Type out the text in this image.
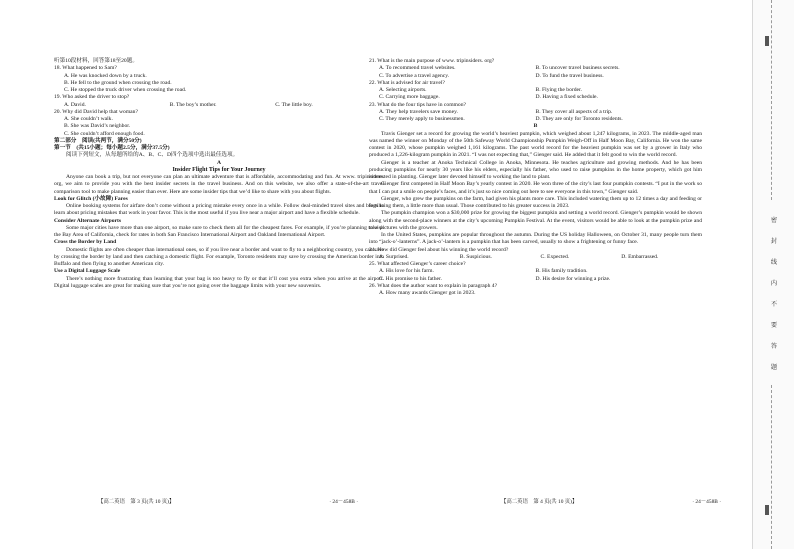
听第10段材料，回答第18至20题。

18. What happened to Sam?

A. He was knocked down by a truck.

B. He fell to the ground when crossing the road.

C. He stopped the truck driver when crossing the road.

19. Who asked the driver to stop?

A. David.	B. The boy’s mother.	C. The little boy.

20. Why did David help that woman?

A. She couldn’t walk.

B. She was David’s neighbor.

C. She couldn’t afford enough food.

第二部分　阅读(共两节，满分50分)

第一节　(共15小题；每小题2.5分，满分37.5分)

阅读下列短文，从每题所给的A、B、C、D四个选项中选出最佳选项。

A

Insider Flight Tips for Your Journey

Anyone can book a trip, but not everyone can plan an ultimate adventure that is affordable, accommodating and fun. At www. tripinsiders. org, we aim to provide you with the best insider secrets in the travel business. And on this website, we also offer a state-of-the-art travel comparison tool to make planning easier than ever. Here are some insider tips that we’d like to share with you about flights.

Look for Glitch (小故障) Fares

Online booking systems for airfare don’t come without a pricing mistake every once in a while. Follow deal-minded travel sites and blogs to learn about pricing mistakes that work in your favor. This is the most useful if you live near a major airport and have a flexible schedule.

Consider Alternate Airports

Some major cities have more than one airport, so make sure to check them all for the cheapest fares. For example, if you’re planning to visit the Bay Area of California, check for rates in both San Francisco International Airport and Oakland International Airport.

Cross the Border by Land

Domestic flights are often cheaper than international ones, so if you live near a border and want to fly to a neighboring country, you can save by crossing the border by land and then catching a domestic flight. For example, Toronto residents may save by crossing the American border into Buffalo and then flying to another American city.

Use a Digital Luggage Scale

There’s nothing more frustrating than learning that your bag is too heavy to fly or that it’ll cost you extra when you arrive at the airport. Digital luggage scales are great for making sure that you’re not going over the baggage limits with your new souvenirs.

21. What is the main purpose of www. tripinsiders. org?

A. To recommend travel websites.	B. To uncover travel business secrets.
C. To advertise a travel agency.	D. To fund the travel business.

22. What is advised for air travel?

A. Selecting airports.	B. Flying the border.
C. Carrying more baggage.	D. Having a fixed schedule.

23. What do the four tips have in common?

A. They help travelers save money.	B. They cover all aspects of a trip.
C. They merely apply to businessmen.	D. They are only for Toronto residents.

B

Travis Gienger set a record for growing the world’s heaviest pumpkin, which weighed about 1,247 kilograms, in 2023. The middle-aged man was named the winner on Monday of the 50th Safeway World Championship Pumpkin Weigh-Off in Half Moon Bay, California. He won the same contest in 2020, whose pumpkin weighed 1,161 kilograms. The past world record for the heaviest pumpkin was set by a grower in Italy who produced a 1,226-kilogram pumpkin in 2021. “I was not expecting that,” Gienger said. He added that it felt good to win the world record.

Gienger is a teacher at Anoka Technical College in Anoka, Minnesota. He teaches agriculture and growing methods. And he has been producing pumpkins for nearly 30 years like his elders, especially his father, who used to raise pumpkins in the home property, which got him interested in planting. Gienger later devoted himself to working the land to plant.

Gienger first competed in Half Moon Bay’s yearly contest in 2020. He won three of the city’s last four pumpkin contests. “I put in the work so that I can put a smile on people’s faces, and it’s just so nice coming out here to see everyone in this town,” Gienger said.

Gienger, who grew the pumpkins on the farm, had given his plants more care. This included watering them up to 12 times a day and feeding or fertilizing them, a little more than usual. Those contributed to his greater success in 2023.

The pumpkin champion won a $30,000 prize for growing the biggest pumpkin and setting a world record. Gienger’s pumpkin would be shown along with the second-place winners at the city’s upcoming Pumpkin Festival. At the event, visitors would be able to look at the pumpkin prize and take pictures with the growers.

In the United States, pumpkins are popular throughout the autumn. During the US holiday Halloween, on October 31, many people turn them into “jack-o’-lanterns”. A jack-o’-lantern is a pumpkin that has been carved, usually to show a frightening or funny face.

24. How did Gienger feel about his winning the world record?

A. Surprised.	B. Suspicious.	C. Expected.	D. Embarrassed.

25. What affected Gienger’s career choice?

A. His love for his farm.	B. His family tradition.
C. His promise to his father.	D. His desire for winning a prize.

26. What does the author want to explain in paragraph 4?

A. How many awards Gienger got in 2023.

【高二英语　第 3 页(共 10 页)】	· 24－458B ·	【高二英语　第 4 页(共 10 页)】	· 24－458B ·
密
封
线
内
不
要
答
题
